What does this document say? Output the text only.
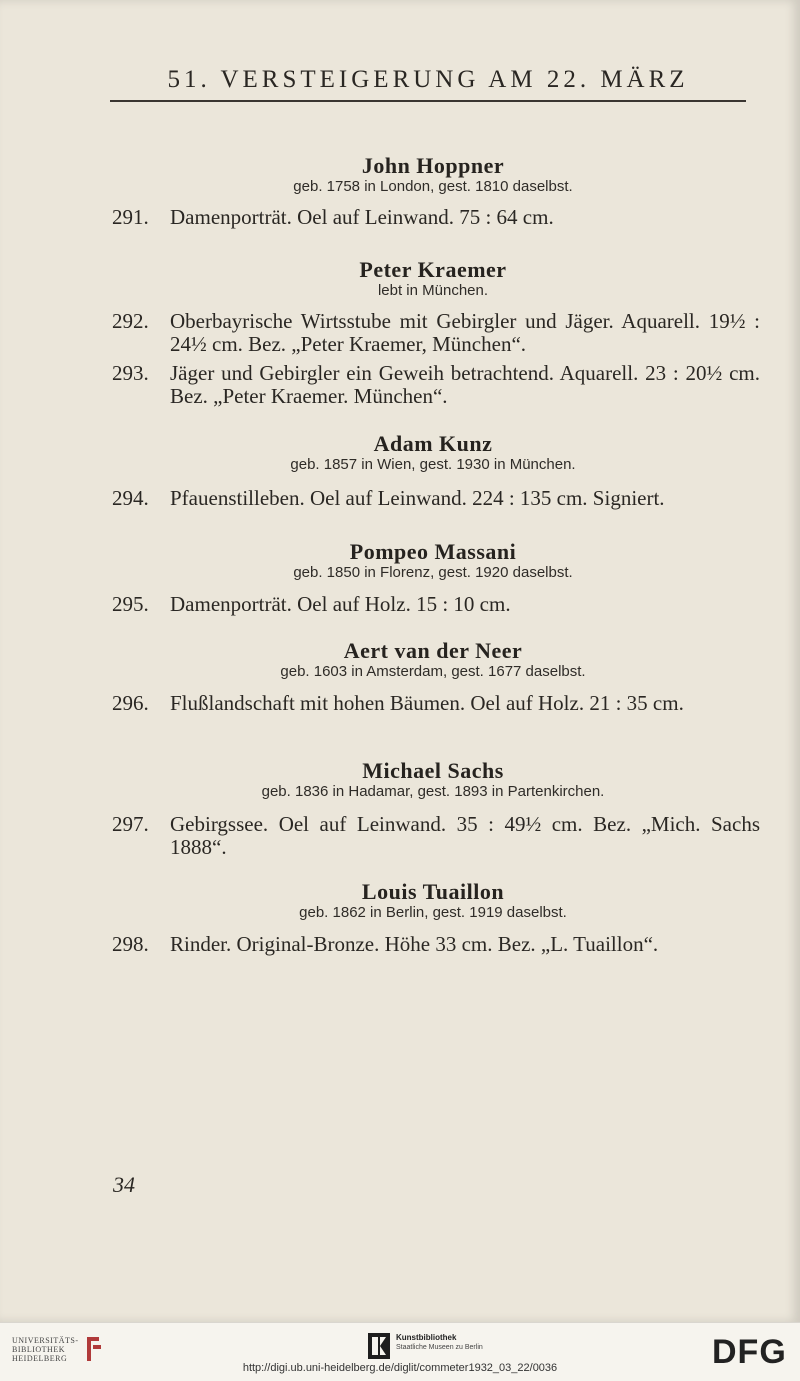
51. VERSTEIGERUNG AM 22. MÄRZ
John Hoppner
geb. 1758 in London, gest. 1810 daselbst.
291.	Damenporträt. Oel auf Leinwand. 75 : 64 cm.
Peter Kraemer
lebt in München.
292.	Oberbayrische Wirtsstube mit Gebirgler und Jäger. Aquarell. 19½ : 24½ cm. Bez. „Peter Kraemer, München“.
293.	Jäger und Gebirgler ein Geweih betrachtend. Aquarell. 23 : 20½ cm. Bez. „Peter Kraemer. München“.
Adam Kunz
geb. 1857 in Wien, gest. 1930 in München.
294.	Pfauenstilleben. Oel auf Leinwand. 224 : 135 cm. Signiert.
Pompeo Massani
geb. 1850 in Florenz, gest. 1920 daselbst.
295.	Damenporträt. Oel auf Holz. 15 : 10 cm.
Aert van der Neer
geb. 1603 in Amsterdam, gest. 1677 daselbst.
296.	Flußlandschaft mit hohen Bäumen. Oel auf Holz. 21 : 35 cm.
Michael Sachs
geb. 1836 in Hadamar, gest. 1893 in Partenkirchen.
297.	Gebirgssee. Oel auf Leinwand. 35 : 49½ cm. Bez. „Mich. Sachs 1888“.
Louis Tuaillon
geb. 1862 in Berlin, gest. 1919 daselbst.
298.	Rinder. Original-Bronze. Höhe 33 cm. Bez. „L. Tuaillon“.
34
UNIVERSITÄTS-
BIBLIOTHEK
HEIDELBERG
Kunstbibliothek
Staatliche Museen zu Berlin	DFG
http://digi.ub.uni-heidelberg.de/diglit/commeter1932_03_22/0036
